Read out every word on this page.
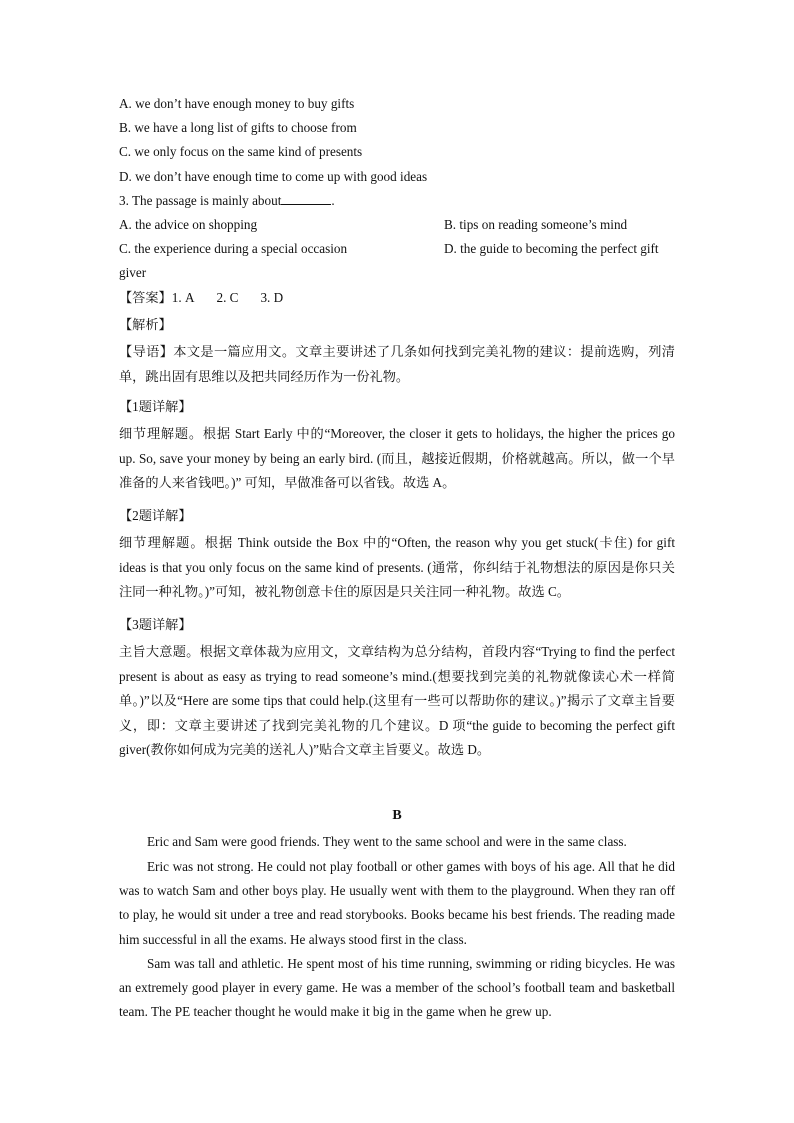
A. we don’t have enough money to buy gifts
B. we have a long list of gifts to choose from
C. we only focus on the same kind of presents
D. we don’t have enough time to come up with good ideas
3. The passage is mainly about	.
A. the advice on shopping	B. tips on reading someone’s mind
C. the experience during a special occasion	D. the guide to becoming the perfect gift
giver
【答案】1. A 2. C 3. D
【解析】
【导语】本文是一篇应用文。文章主要讲述了几条如何找到完美礼物的建议：提前选购，列清单，跳出固有思维以及把共同经历作为一份礼物。
【1题详解】
细节理解题。根据 Start Early 中的“Moreover, the closer it gets to holidays, the higher the prices go up. So, save your money by being an early bird. (而且，越接近假期，价格就越高。所以，做一个早准备的人来省钱吧。)” 可知，早做准备可以省钱。故选 A。
【2题详解】
细节理解题。根据 Think outside the Box 中的“Often, the reason why you get stuck(卡住) for gift ideas is that you only focus on the same kind of presents. (通常，你纠结于礼物想法的原因是你只关注同一种礼物。)”可知，被礼物创意卡住的原因是只关注同一种礼物。故选 C。
【3题详解】
主旨大意题。根据文章体裁为应用文，文章结构为总分结构，首段内容“Trying to find the perfect present is about as easy as trying to read someone’s mind.(想要找到完美的礼物就像读心术一样简单。)”以及“Here are some tips that could help.(这里有一些可以帮助你的建议。)”揭示了文章主旨要义，即：文章主要讲述了找到完美礼物的几个建议。D 项“the guide to becoming the perfect gift giver(教你如何成为完美的送礼人)”贴合文章主旨要义。故选 D。
B
Eric and Sam were good friends. They went to the same school and were in the same class.
Eric was not strong. He could not play football or other games with boys of his age. All that he did was to watch Sam and other boys play. He usually went with them to the playground. When they ran off to play, he would sit under a tree and read storybooks. Books became his best friends. The reading made him successful in all the exams. He always stood first in the class.
Sam was tall and athletic. He spent most of his time running, swimming or riding bicycles. He was an extremely good player in every game. He was a member of the school’s football team and basketball team. The PE teacher thought he would make it big in the game when he grew up.
